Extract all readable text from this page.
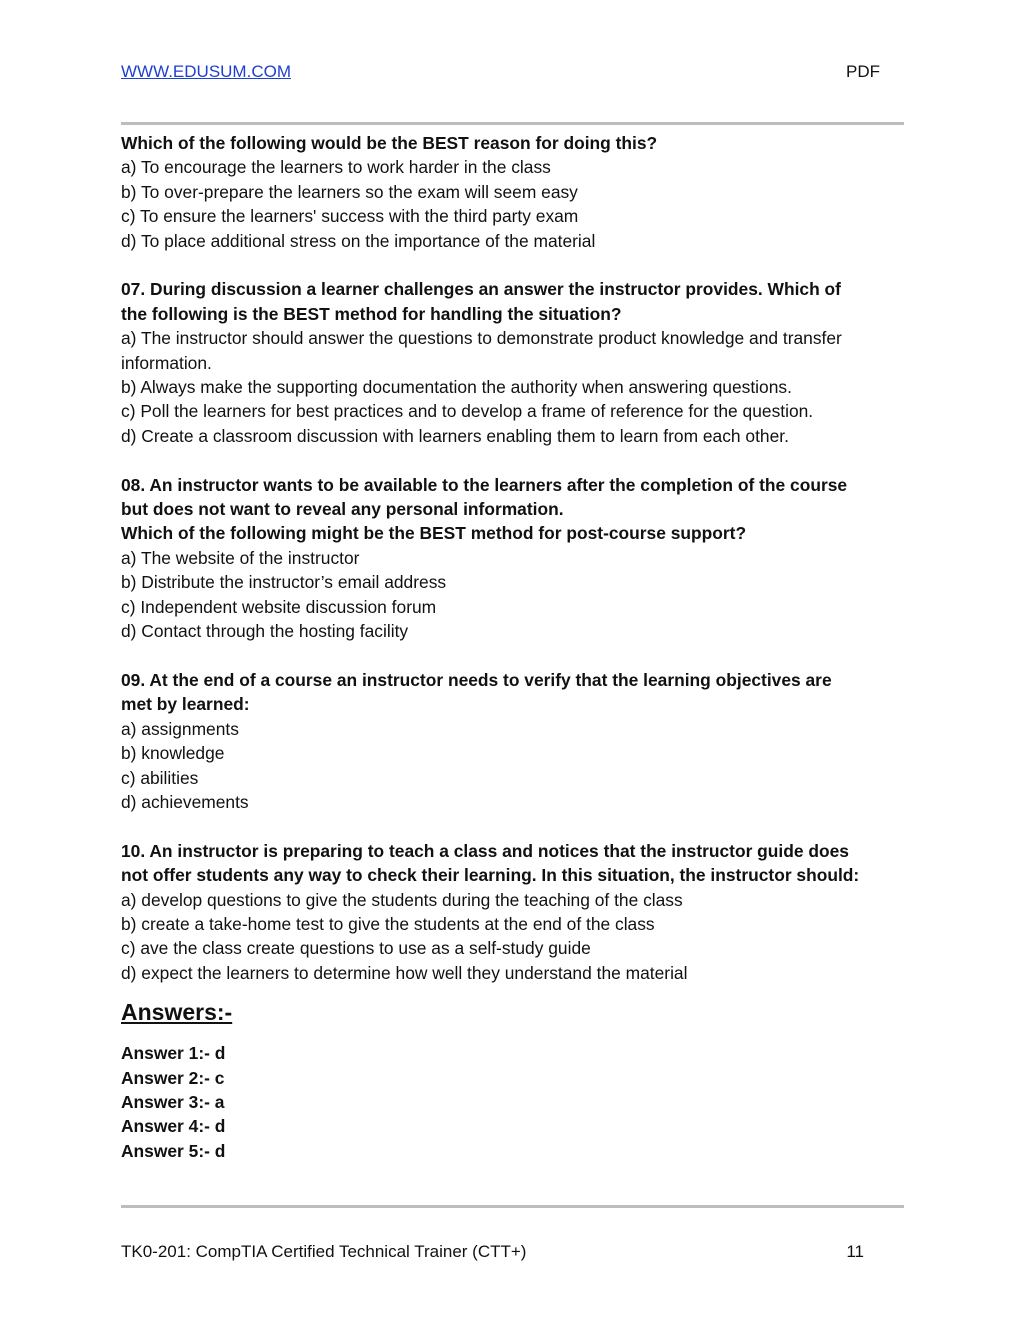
WWW.EDUSUM.COM	PDF
Which of the following would be the BEST reason for doing this?
a) To encourage the learners to work harder in the class
b) To over-prepare the learners so the exam will seem easy
c) To ensure the learners' success with the third party exam
d) To place additional stress on the importance of the material
07. During discussion a learner challenges an answer the instructor provides. Which of
the following is the BEST method for handling the situation?
a) The instructor should answer the questions to demonstrate product knowledge and transfer
information.
b) Always make the supporting documentation the authority when answering questions.
c) Poll the learners for best practices and to develop a frame of reference for the question.
d) Create a classroom discussion with learners enabling them to learn from each other.
08. An instructor wants to be available to the learners after the completion of the course
but does not want to reveal any personal information.
Which of the following might be the BEST method for post-course support?
a) The website of the instructor
b) Distribute the instructor’s email address
c) Independent website discussion forum
d) Contact through the hosting facility
09. At the end of a course an instructor needs to verify that the learning objectives are
met by learned:
a) assignments
b) knowledge
c) abilities
d) achievements
10. An instructor is preparing to teach a class and notices that the instructor guide does
not offer students any way to check their learning. In this situation, the instructor should:
a) develop questions to give the students during the teaching of the class
b) create a take-home test to give the students at the end of the class
c) ave the class create questions to use as a self-study guide
d) expect the learners to determine how well they understand the material
Answers:-
Answer 1:- d
Answer 2:- c
Answer 3:- a
Answer 4:- d
Answer 5:- d
TK0-201: CompTIA Certified Technical Trainer (CTT+)	11
